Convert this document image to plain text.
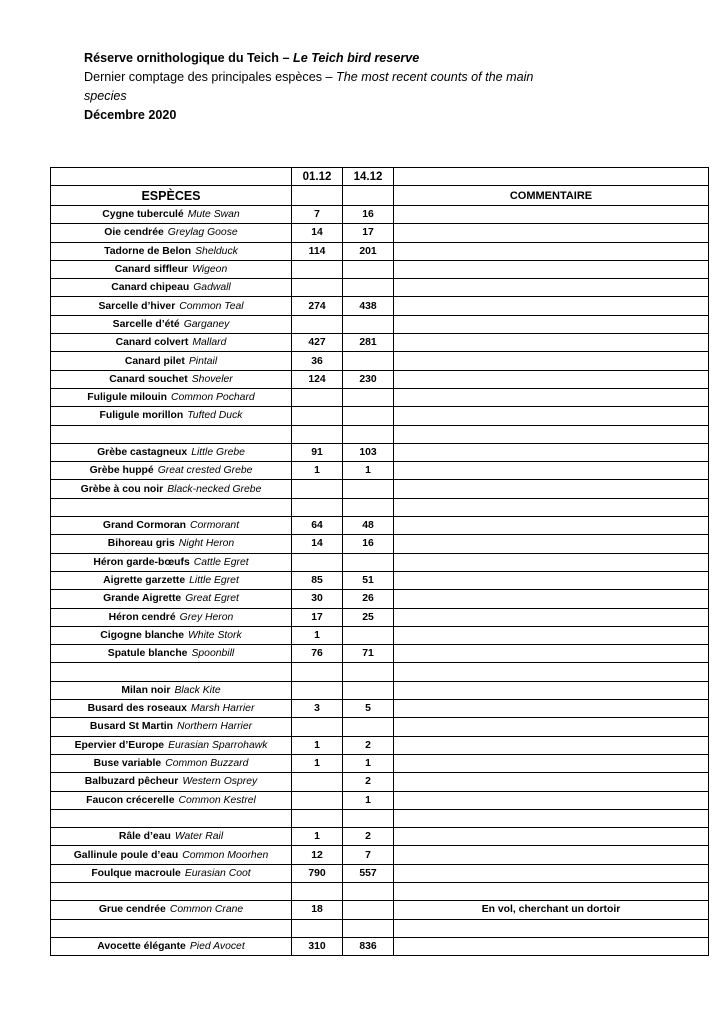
Réserve ornithologique du Teich – Le Teich bird reserve
Dernier comptage des principales espèces – The most recent counts of the main
species
Décembre 2020
	01.12	14.12	
ESPÈCES			COMMENTAIRE
Cygne tuberculé Mute Swan	7	16	
Oie cendrée Greylag Goose	14	17	
Tadorne de Belon Shelduck	114	201	
Canard siffleur Wigeon			
Canard chipeau Gadwall			
Sarcelle d’hiver Common Teal	274	438	
Sarcelle d’été Garganey			
Canard colvert Mallard	427	281	
Canard pilet Pintail	36		
Canard souchet Shoveler	124	230	
Fuligule milouin Common Pochard			
Fuligule morillon Tufted Duck			

Grèbe castagneux Little Grebe	91	103	
Grèbe huppé Great crested Grebe	1	1	
Grèbe à cou noir Black-necked Grebe			

Grand Cormoran Cormorant	64	48	
Bihoreau gris Night Heron	14	16	
Héron garde-bœufs Cattle Egret			
Aigrette garzette Little Egret	85	51	
Grande Aigrette Great Egret	30	26	
Héron cendré Grey Heron	17	25	
Cigogne blanche White Stork	1		
Spatule blanche Spoonbill	76	71	

Milan noir Black Kite			
Busard des roseaux Marsh Harrier	3	5	
Busard St Martin Northern Harrier			
Epervier d’Europe Eurasian Sparrohawk	1	2	
Buse variable Common Buzzard	1	1	
Balbuzard pêcheur Western Osprey		2	
Faucon crécerelle Common Kestrel		1	

Râle d’eau Water Rail	1	2	
Gallinule poule d’eau Common Moorhen	12	7	
Foulque macroule Eurasian Coot	790	557	

Grue cendrée Common Crane	18		En vol, cherchant un dortoir

Avocette élégante Pied Avocet	310	836	
